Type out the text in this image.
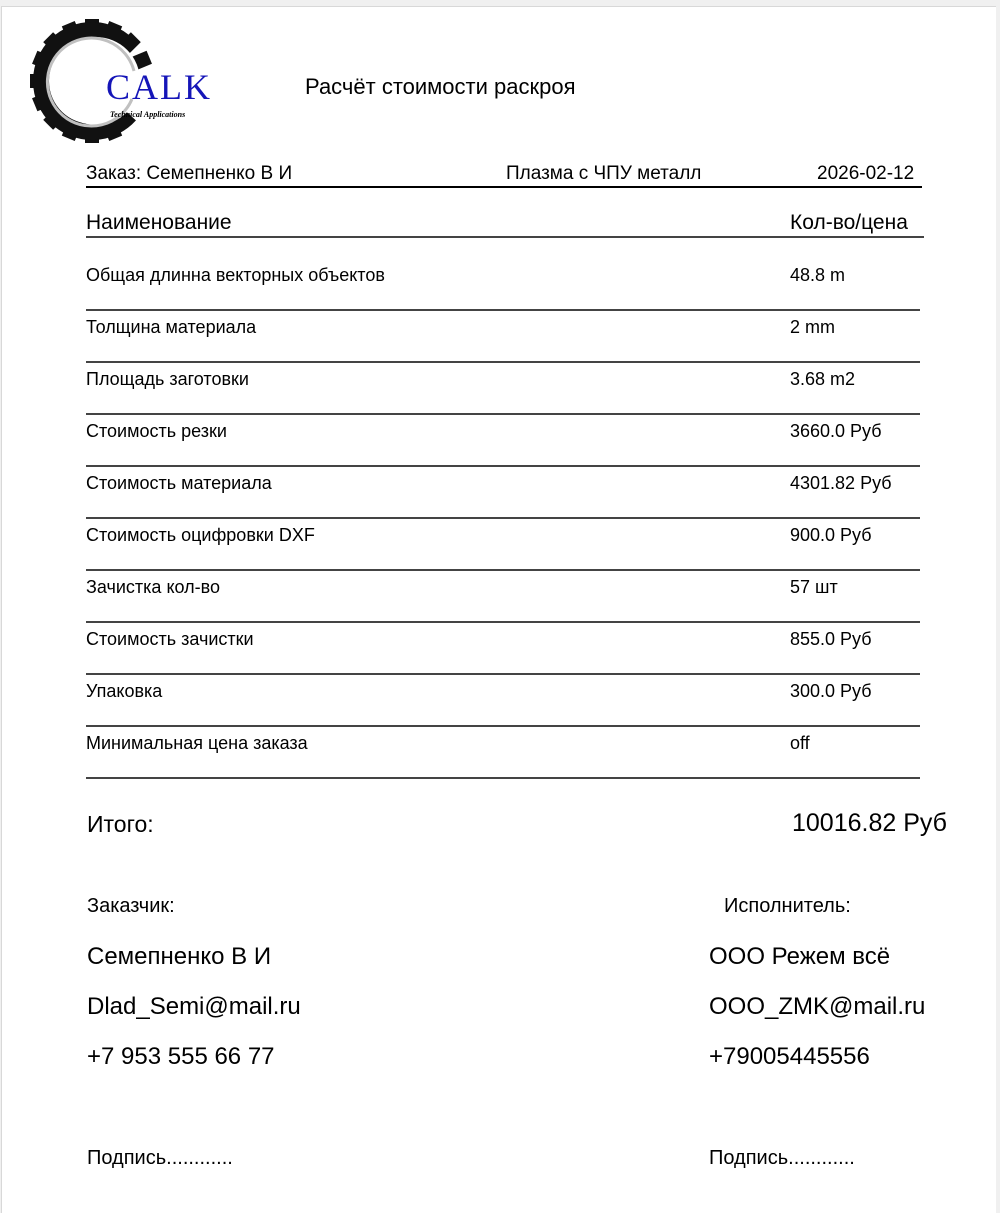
CALK
Technical Applications
Расчёт стоимости раскроя
Заказ: Семепненко В И	Плазма с ЧПУ металл	2026-02-12
Наименование	Кол-во/цена
Общая длинна векторных объектов	48.8 m
Толщина материала	2 mm
Площадь заготовки	3.68 m2
Стоимость резки	3660.0 Руб
Стоимость материала	4301.82 Руб
Стоимость оцифровки DXF	900.0 Руб
Зачистка кол-во	57 шт
Стоимость зачистки	855.0 Руб
Упаковка	300.0 Руб
Минимальная цена заказа	off
Итого:	10016.82 Руб
Заказчик:
Семепненко В И
Dlad_Semi@mail.ru
+7 953 555 66 77
Подпись............
Исполнитель:
ООО Режем всё
OOO_ZMK@mail.ru
+79005445556
Подпись............
